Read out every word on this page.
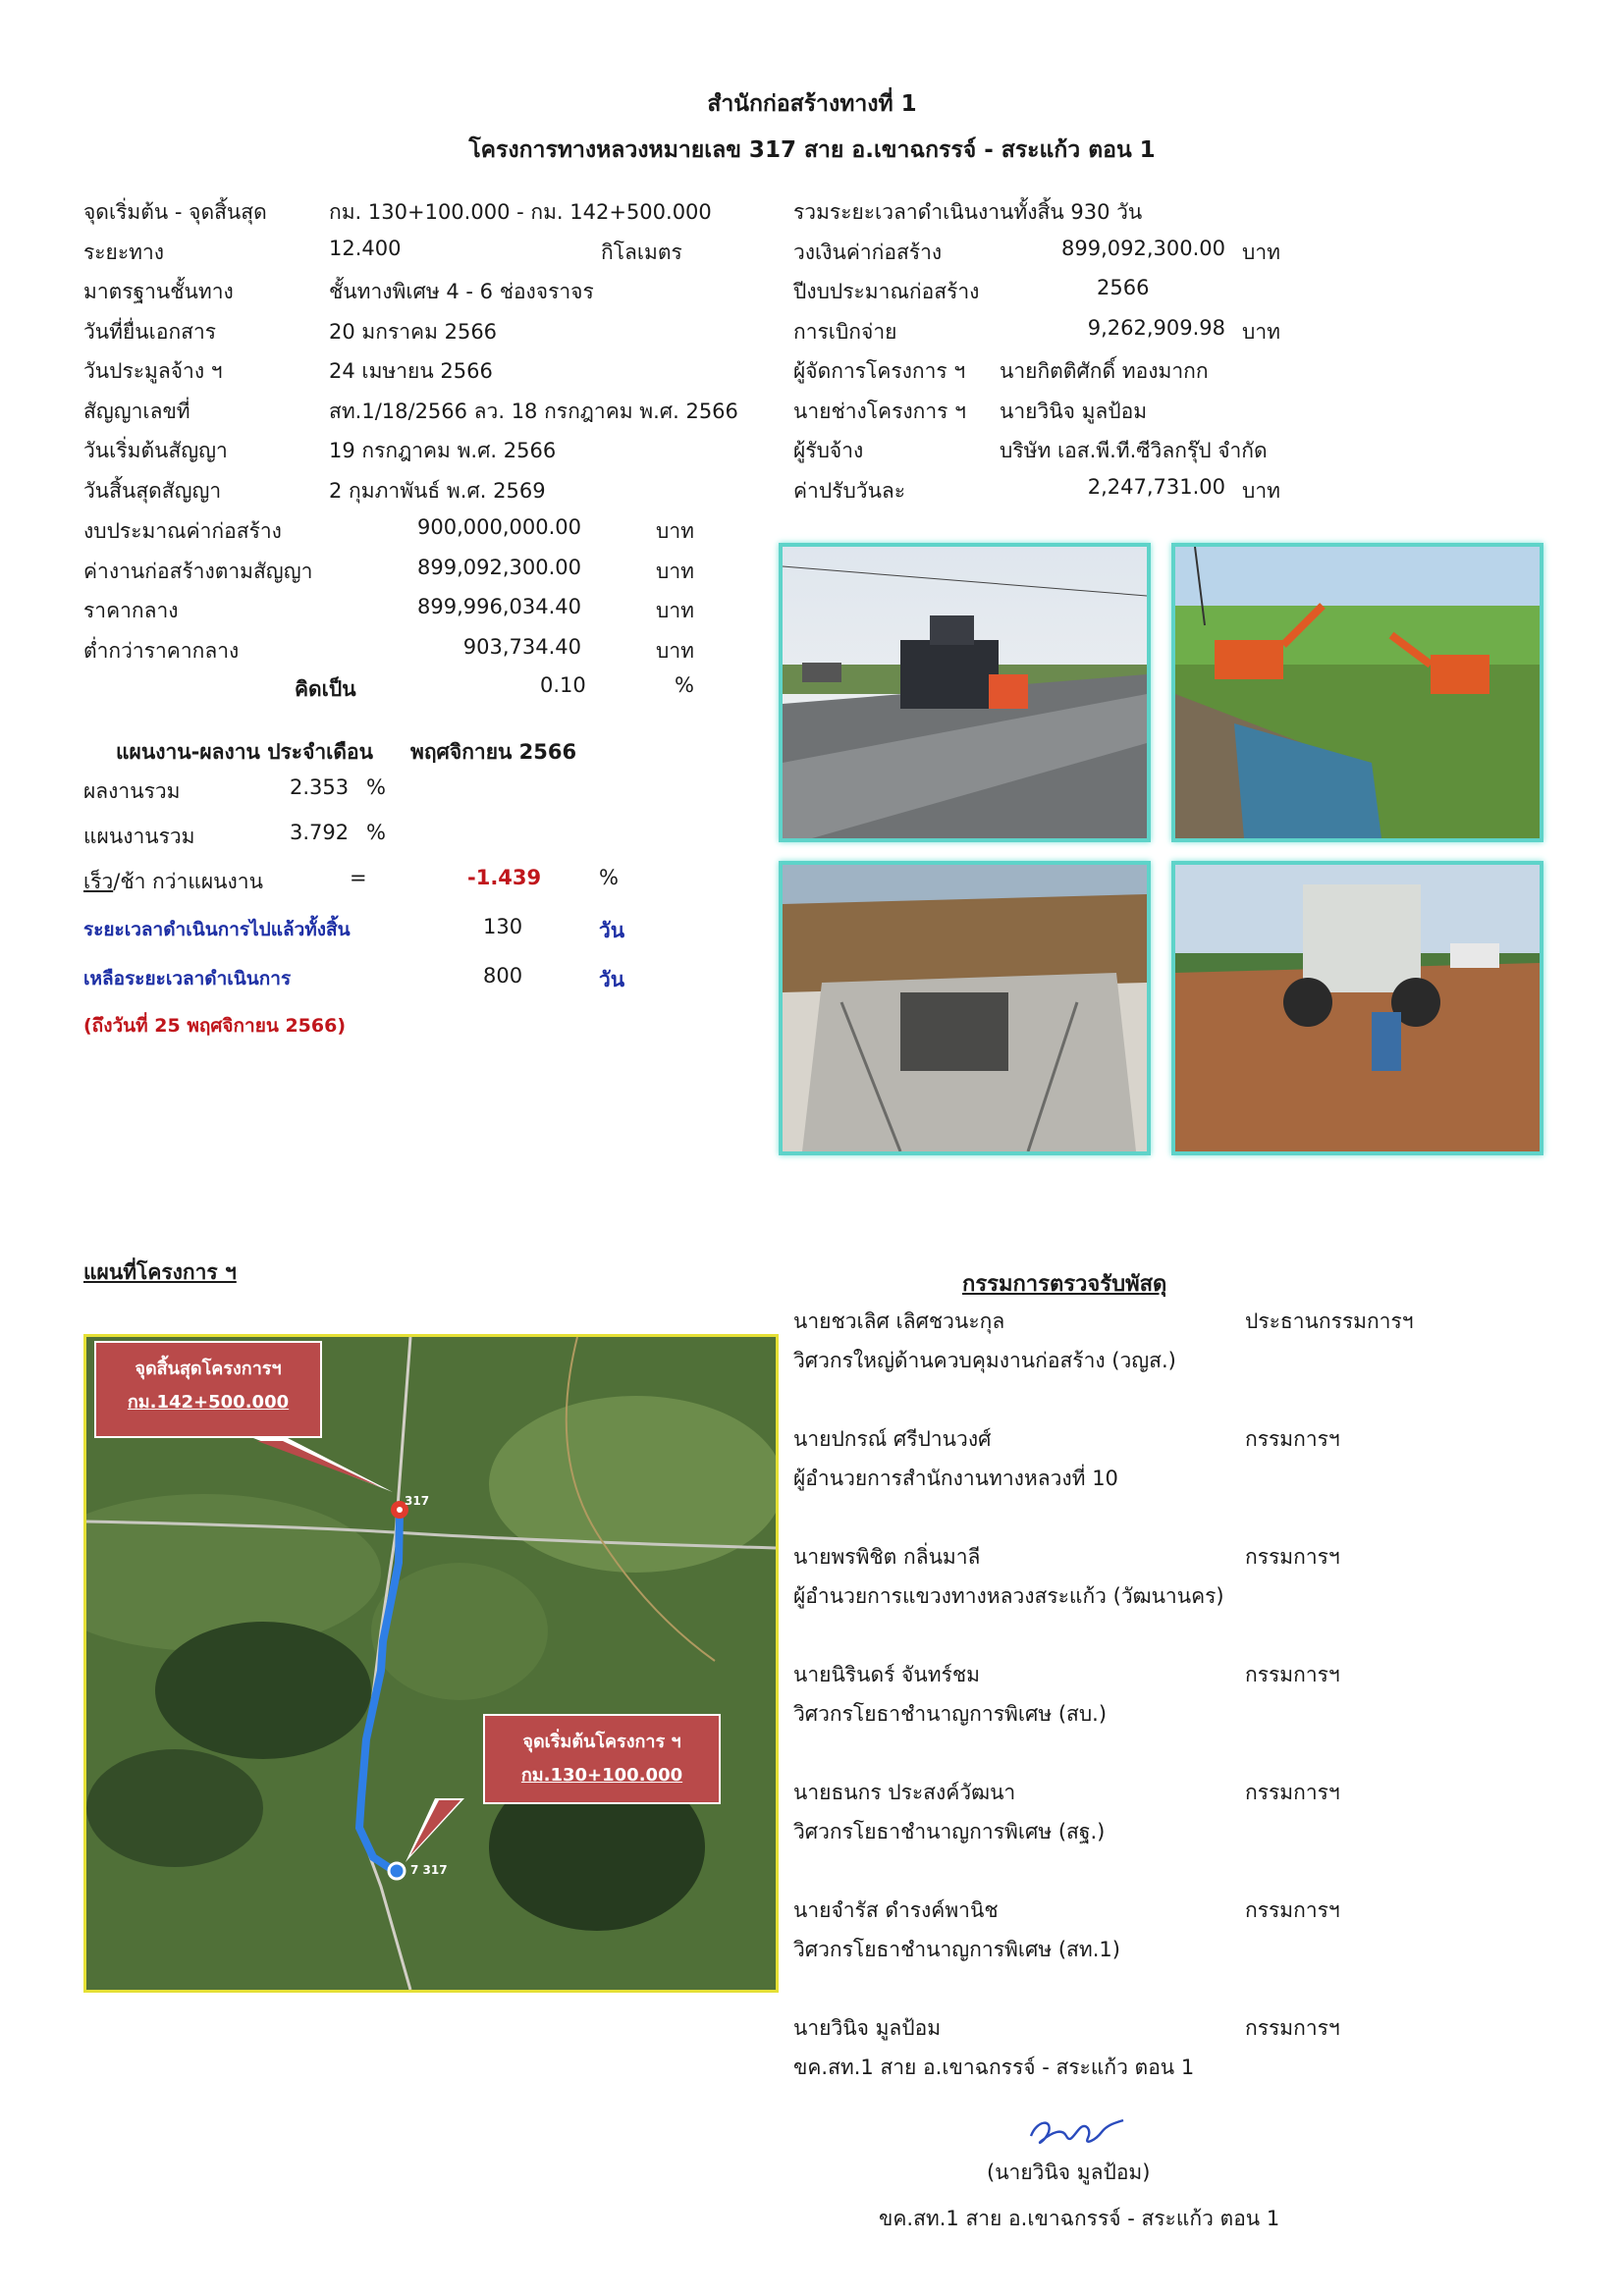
สำนักก่อสร้างทางที่ 1
โครงการทางหลวงหมายเลข 317 สาย อ.เขาฉกรรจ์ - สระแก้ว ตอน 1
จุดเริ่มต้น - จุดสิ้นสุด	กม. 130+100.000 - กม. 142+500.000
ระยะทาง	12.400	กิโลเมตร
มาตรฐานชั้นทาง	ชั้นทางพิเศษ 4 - 6 ช่องจราจร
วันที่ยื่นเอกสาร	20 มกราคม 2566
วันประมูลจ้าง ฯ	24 เมษายน 2566
สัญญาเลขที่	สท.1/18/2566 ลว. 18 กรกฎาคม พ.ศ. 2566
วันเริ่มต้นสัญญา	19 กรกฎาคม พ.ศ. 2566
วันสิ้นสุดสัญญา	2 กุมภาพันธ์ พ.ศ. 2569
งบประมาณค่าก่อสร้าง	900,000,000.00	บาท
ค่างานก่อสร้างตามสัญญา	899,092,300.00	บาท
ราคากลาง	899,996,034.40	บาท
ต่ำกว่าราคากลาง	903,734.40	บาท
คิดเป็น	0.10	%
รวมระยะเวลาดำเนินงานทั้งสิ้น 930 วัน
วงเงินค่าก่อสร้าง	899,092,300.00 บาท
ปีงบประมาณก่อสร้าง	2566
การเบิกจ่าย	9,262,909.98 บาท
ผู้จัดการโครงการ ฯ นายกิตติศักดิ์ ทองมากก
นายช่างโครงการ ฯ นายวินิจ มูลป้อม
ผู้รับจ้าง	บริษัท เอส.พี.ที.ซีวิลกรุ๊ป จำกัด
ค่าปรับวันละ	2,247,731.00 บาท
แผนงาน-ผลงาน ประจำเดือน พฤศจิกายน 2566
ผลงานรวม	2.353 %
แผนงานรวม	3.792 %
เร็ว/ช้า กว่าแผนงาน	=	-1.439	%
ระยะเวลาดำเนินการไปแล้วทั้งสิ้น	130	วัน
เหลือระยะเวลาดำเนินการ	800	วัน
(ถึงวันที่ 25 พฤศจิกายน 2566)
แผนที่โครงการ ฯ
317
7 317
จุดสิ้นสุดโครงการฯ
กม.142+500.000
จุดเริ่มต้นโครงการ ฯ
กม.130+100.000
กรรมการตรวจรับพัสดุ
นายชวเลิศ เลิศชวนะกุล	ประธานกรรมการฯ
วิศวกรใหญ่ด้านควบคุมงานก่อสร้าง (วญส.)
นายปกรณ์ ศรีปานวงศ์	กรรมการฯ
ผู้อำนวยการสำนักงานทางหลวงที่ 10
นายพรพิชิต กลิ่นมาลี	กรรมการฯ
ผู้อำนวยการแขวงทางหลวงสระแก้ว (วัฒนานคร)
นายนิรินดร์ จันทร์ชม	กรรมการฯ
วิศวกรโยธาชำนาญการพิเศษ (สบ.)
นายธนกร ประสงค์วัฒนา	กรรมการฯ
วิศวกรโยธาชำนาญการพิเศษ (สฐ.)
นายจำรัส ดำรงค์พานิช	กรรมการฯ
วิศวกรโยธาชำนาญการพิเศษ (สท.1)
นายวินิจ มูลป้อม	กรรมการฯ
ขค.สท.1 สาย อ.เขาฉกรรจ์ - สระแก้ว ตอน 1
(นายวินิจ มูลป้อม)
ขค.สท.1 สาย อ.เขาฉกรรจ์ - สระแก้ว ตอน 1
